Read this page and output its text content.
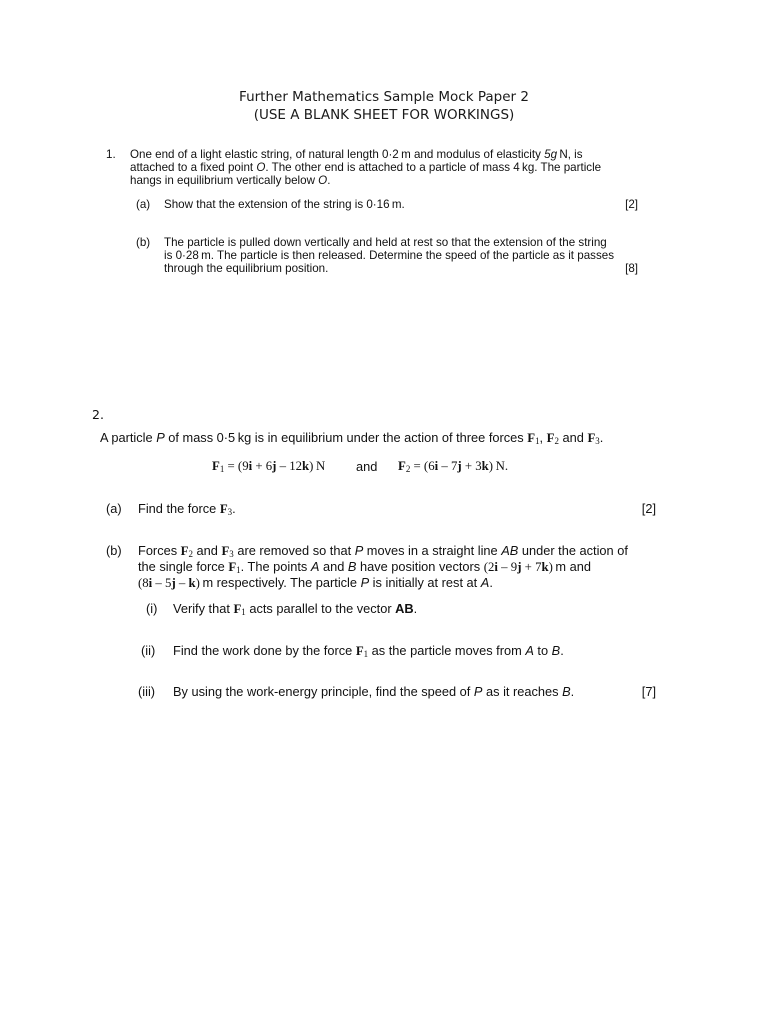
Further Mathematics Sample Mock Paper 2
(USE A BLANK SHEET FOR WORKINGS)
1. One end of a light elastic string, of natural length 0·2 m and modulus of elasticity 5g N, is
attached to a fixed point O. The other end is attached to a particle of mass 4 kg. The particle
hangs in equilibrium vertically below O.
(a) Show that the extension of the string is 0·16 m.	[2]
(b) The particle is pulled down vertically and held at rest so that the extension of the string
is 0·28 m. The particle is then released. Determine the speed of the particle as it passes
through the equilibrium position.	[8]
2.
A particle P of mass 0·5 kg is in equilibrium under the action of three forces $F_1$, $F_2$ and $F_3$.
$F_1 = (9i + 6j - 12k)$ N and $F_2 = (6i - 7j + 3k)$ N.
(a) Find the force $F_3$.	[2]
(b) Forces $F_2$ and $F_3$ are removed so that P moves in a straight line AB under the action of
the single force $F_1$. The points A and B have position vectors (2i – 9j + 7k) m and
(8i – 5j – k) m respectively. The particle P is initially at rest at A.
(i) Verify that $F_1$ acts parallel to the vector AB.
(ii) Find the work done by the force $F_1$ as the particle moves from A to B.
(iii) By using the work-energy principle, find the speed of P as it reaches B.	[7]
